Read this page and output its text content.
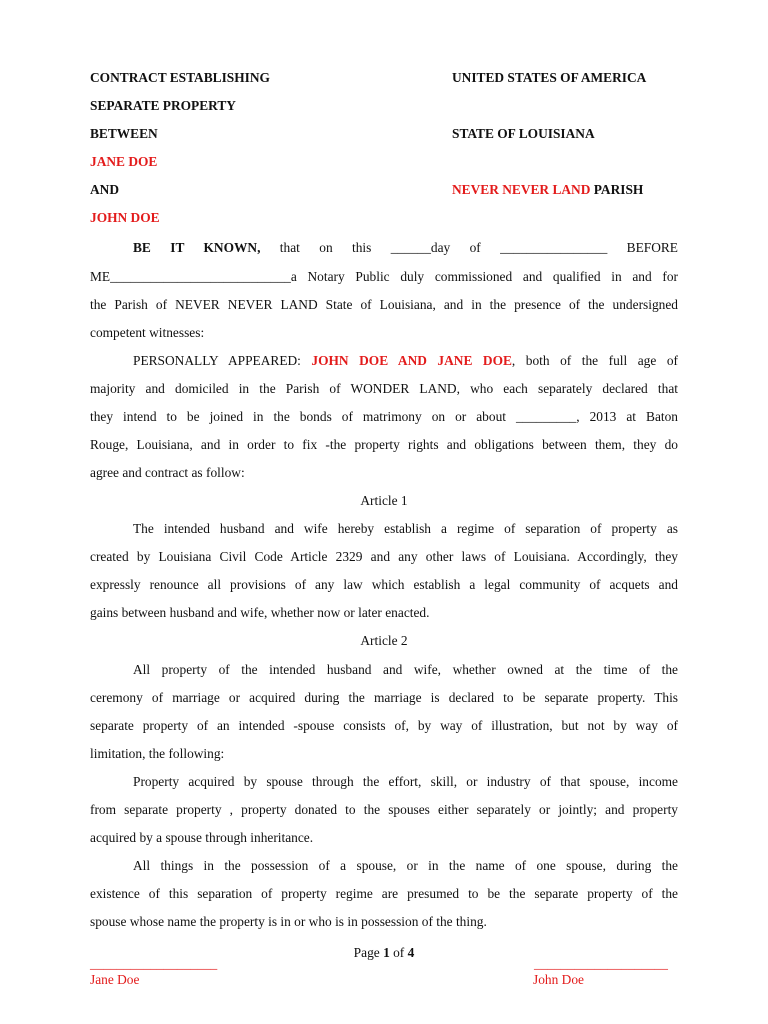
CONTRACT ESTABLISHING	UNITED STATES OF AMERICA
SEPARATE PROPERTY
BETWEEN	STATE OF LOUISIANA
JANE DOE
AND	NEVER NEVER LAND PARISH
JOHN DOE
BE IT KNOWN, that on this ______day of ________________ BEFORE
ME___________________________a Notary Public duly commissioned and qualified in and for
the Parish of NEVER NEVER LAND State of Louisiana, and in the presence of the undersigned
competent witnesses:
PERSONALLY APPEARED: JOHN DOE AND JANE DOE, both of the full age of
majority and domiciled in the Parish of WONDER LAND, who each separately declared that
they intend to be joined in the bonds of matrimony on or about _________, 2013 at Baton
Rouge, Louisiana, and in order to fix -the property rights and obligations between them, they do
agree and contract as follow:
Article 1
The intended husband and wife hereby establish a regime of separation of property as
created by Louisiana Civil Code Article 2329 and any other laws of Louisiana. Accordingly, they
expressly renounce all provisions of any law which establish a legal community of acquets and
gains between husband and wife, whether now or later enacted.
Article 2
All property of the intended husband and wife, whether owned at the time of the
ceremony of marriage or acquired during the marriage is declared to be separate property. This
separate property of an intended -spouse consists of, by way of illustration, but not by way of
limitation, the following:
Property acquired by spouse through the effort, skill, or industry of that spouse, income
from separate property , property donated to the spouses either separately or jointly; and property
acquired by a spouse through inheritance.
All things in the possession of a spouse, or in the name of one spouse, during the
existence of this separation of property regime are presumed to be the separate property of the
spouse whose name the property is in or who is in possession of the thing.
Page 1 of 4
___________________	____________________
Jane Doe	John Doe
